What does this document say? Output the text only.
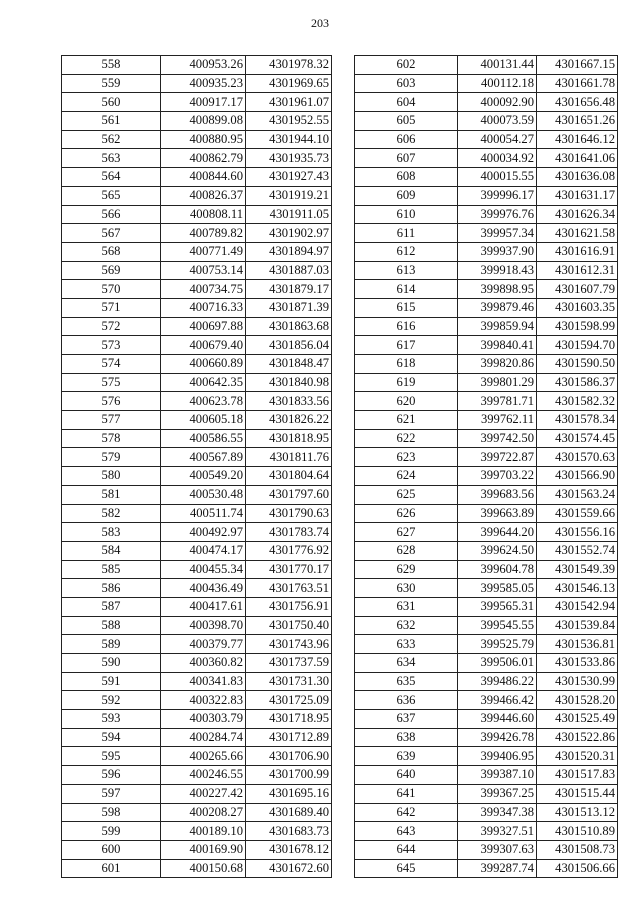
203
558	400953.26	4301978.32
559	400935.23	4301969.65
560	400917.17	4301961.07
561	400899.08	4301952.55
562	400880.95	4301944.10
563	400862.79	4301935.73
564	400844.60	4301927.43
565	400826.37	4301919.21
566	400808.11	4301911.05
567	400789.82	4301902.97
568	400771.49	4301894.97
569	400753.14	4301887.03
570	400734.75	4301879.17
571	400716.33	4301871.39
572	400697.88	4301863.68
573	400679.40	4301856.04
574	400660.89	4301848.47
575	400642.35	4301840.98
576	400623.78	4301833.56
577	400605.18	4301826.22
578	400586.55	4301818.95
579	400567.89	4301811.76
580	400549.20	4301804.64
581	400530.48	4301797.60
582	400511.74	4301790.63
583	400492.97	4301783.74
584	400474.17	4301776.92
585	400455.34	4301770.17
586	400436.49	4301763.51
587	400417.61	4301756.91
588	400398.70	4301750.40
589	400379.77	4301743.96
590	400360.82	4301737.59
591	400341.83	4301731.30
592	400322.83	4301725.09
593	400303.79	4301718.95
594	400284.74	4301712.89
595	400265.66	4301706.90
596	400246.55	4301700.99
597	400227.42	4301695.16
598	400208.27	4301689.40
599	400189.10	4301683.73
600	400169.90	4301678.12
601	400150.68	4301672.60
602	400131.44	4301667.15
603	400112.18	4301661.78
604	400092.90	4301656.48
605	400073.59	4301651.26
606	400054.27	4301646.12
607	400034.92	4301641.06
608	400015.55	4301636.08
609	399996.17	4301631.17
610	399976.76	4301626.34
611	399957.34	4301621.58
612	399937.90	4301616.91
613	399918.43	4301612.31
614	399898.95	4301607.79
615	399879.46	4301603.35
616	399859.94	4301598.99
617	399840.41	4301594.70
618	399820.86	4301590.50
619	399801.29	4301586.37
620	399781.71	4301582.32
621	399762.11	4301578.34
622	399742.50	4301574.45
623	399722.87	4301570.63
624	399703.22	4301566.90
625	399683.56	4301563.24
626	399663.89	4301559.66
627	399644.20	4301556.16
628	399624.50	4301552.74
629	399604.78	4301549.39
630	399585.05	4301546.13
631	399565.31	4301542.94
632	399545.55	4301539.84
633	399525.79	4301536.81
634	399506.01	4301533.86
635	399486.22	4301530.99
636	399466.42	4301528.20
637	399446.60	4301525.49
638	399426.78	4301522.86
639	399406.95	4301520.31
640	399387.10	4301517.83
641	399367.25	4301515.44
642	399347.38	4301513.12
643	399327.51	4301510.89
644	399307.63	4301508.73
645	399287.74	4301506.66
